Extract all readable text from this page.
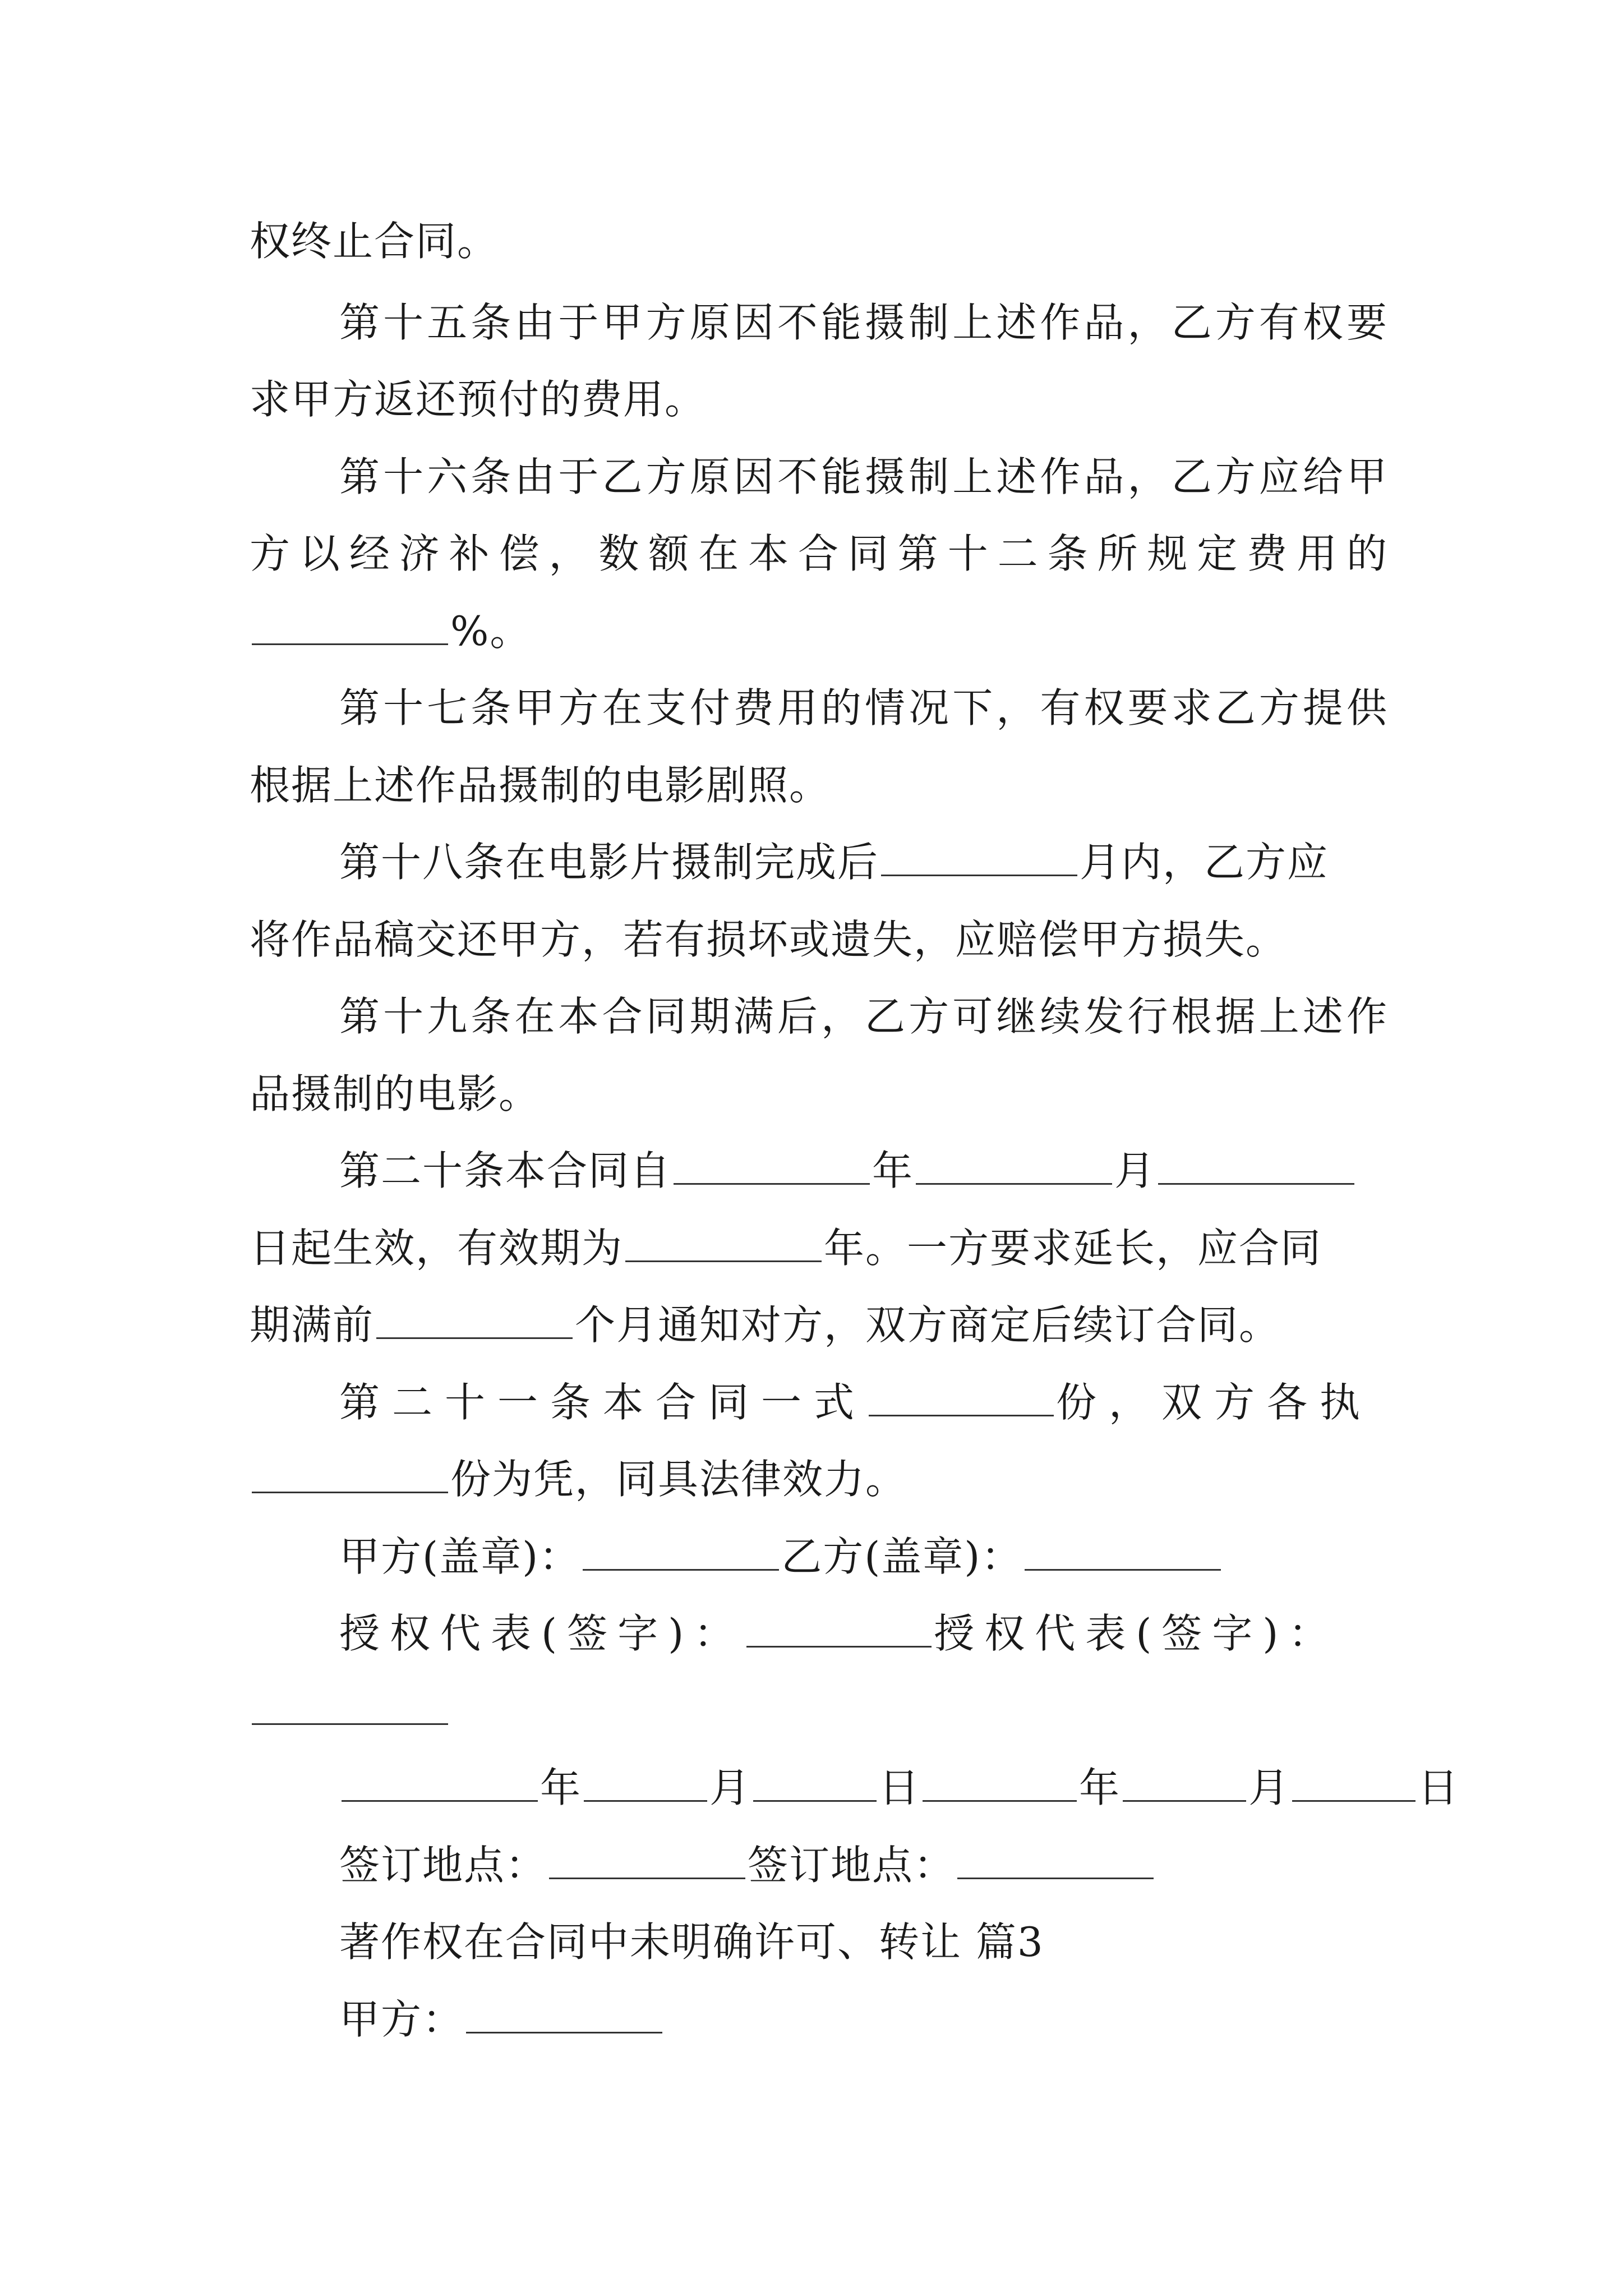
权终止合同。
第十五条由于甲方原因不能摄制上述作品，乙方有权要
求甲方返还预付的费用。
第十六条由于乙方原因不能摄制上述作品，乙方应给甲
方以经济补偿，数额在本合同第十二条所规定费用的
%。
第十七条甲方在支付费用的情况下，有权要求乙方提供
根据上述作品摄制的电影剧照。
第十八条在电影片摄制完成后	月内，乙方应
将作品稿交还甲方，若有损坏或遗失，应赔偿甲方损失。
第十九条在本合同期满后，乙方可继续发行根据上述作
品摄制的电影。
第二十条本合同自	年	月
日起生效，有效期为	年。一方要求延长，应合同
期满前	个月通知对方，双方商定后续订合同。
第二十一条本合同一式	份，双方各执
份为凭，同具法律效力。
甲方(盖章)：	乙方(盖章)：
授权代表(签字)：	授权代表(签字)：
年	月	日	年	月	日
签订地点：	签订地点：
著作权在合同中未明确许可、转让 篇3
甲方：
